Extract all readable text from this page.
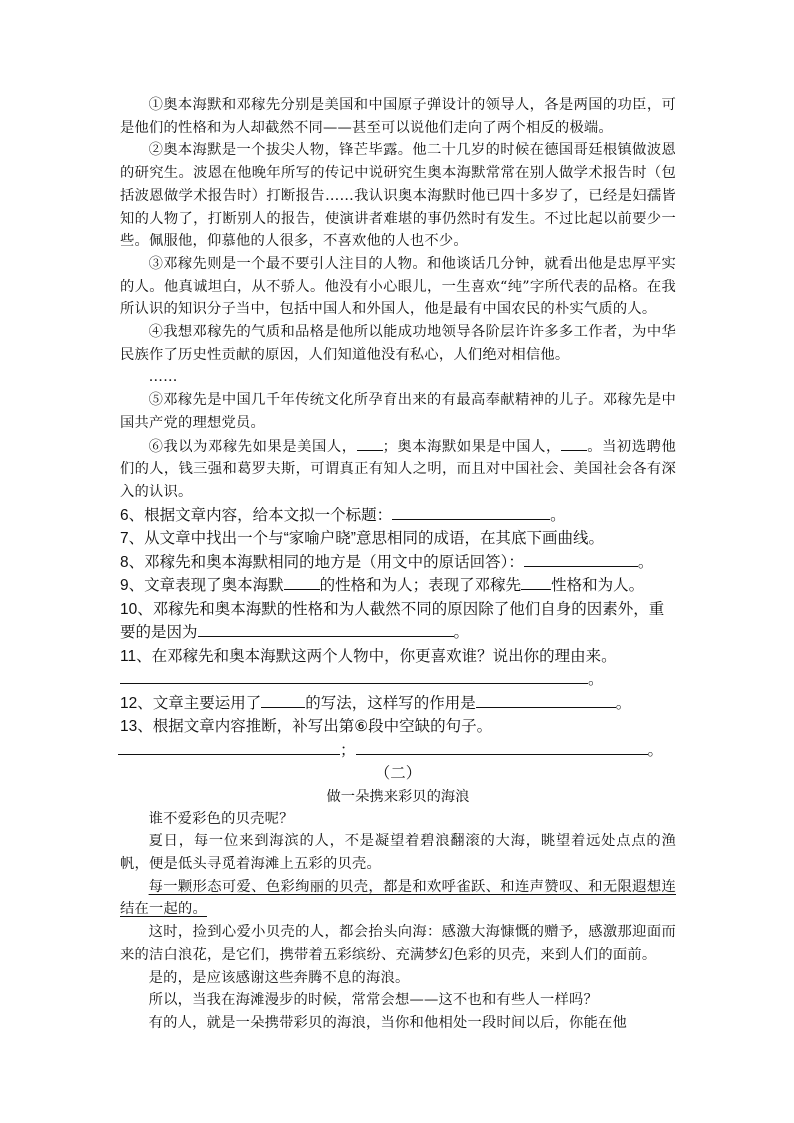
①奥本海默和邓稼先分别是美国和中国原子弹设计的领导人，各是两国的功臣，可是他们的性格和为人却截然不同——甚至可以说他们走向了两个相反的极端。

②奥本海默是一个拔尖人物，锋芒毕露。他二十几岁的时候在德国哥廷根镇做波恩的研究生。波恩在他晚年所写的传记中说研究生奥本海默常常在别人做学术报告时（包括波恩做学术报告时）打断报告……我认识奥本海默时他已四十多岁了，已经是妇孺皆知的人物了，打断别人的报告，使演讲者难堪的事仍然时有发生。不过比起以前要少一些。佩服他，仰慕他的人很多，不喜欢他的人也不少。

③邓稼先则是一个最不要引人注目的人物。和他谈话几分钟，就看出他是忠厚平实的人。他真诚坦白，从不骄人。他没有小心眼儿，一生喜欢“纯”字所代表的品格。在我所认识的知识分子当中，包括中国人和外国人，他是最有中国农民的朴实气质的人。

④我想邓稼先的气质和品格是他所以能成功地领导各阶层许许多多工作者，为中华民族作了历史性贡献的原因，人们知道他没有私心，人们绝对相信他。

……

⑤邓稼先是中国几千年传统文化所孕育出来的有最高奉献精神的儿子。邓稼先是中国共产党的理想党员。

⑥我以为邓稼先如果是美国人， ；奥本海默如果是中国人， 。当初选聘他们的人，钱三强和葛罗夫斯，可谓真正有知人之明，而且对中国社会、美国社会各有深入的认识。

6、根据文章内容，给本文拟一个标题：	。

7、从文章中找出一个与“家喻户晓”意思相同的成语，在其底下画曲线。

8、邓稼先和奥本海默相同的地方是（用文中的原话回答）：	。

9、文章表现了奥本海默 的性格和为人；表现了邓稼先 性格和为人。

10、邓稼先和奥本海默的性格和为人截然不同的原因除了他们自身的因素外，重要的是因为	。

11、在邓稼先和奥本海默这两个人物中，你更喜欢谁？说出你的理由来。

。

12、文章主要运用了	的写法，这样写的作用是	。

13、根据文章内容推断，补写出第⑥段中空缺的句子。

；	。

（二）

做一朵携来彩贝的海浪

谁不爱彩色的贝壳呢？

夏日，每一位来到海滨的人，不是凝望着碧浪翻滚的大海，眺望着远处点点的渔帆，便是低头寻觅着海滩上五彩的贝壳。

每一颗形态可爱、色彩绚丽的贝壳，都是和欢呼雀跃、和连声赞叹、和无限遐想连结在一起的。

这时，捡到心爱小贝壳的人，都会抬头向海：感激大海慷慨的赠予，感激那迎面而来的洁白浪花，是它们，携带着五彩缤纷、充满梦幻色彩的贝壳，来到人们的面前。

是的，是应该感谢这些奔腾不息的海浪。

所以，当我在海滩漫步的时候，常常会想——这不也和有些人一样吗？

有的人，就是一朵携带彩贝的海浪，当你和他相处一段时间以后，你能在他
